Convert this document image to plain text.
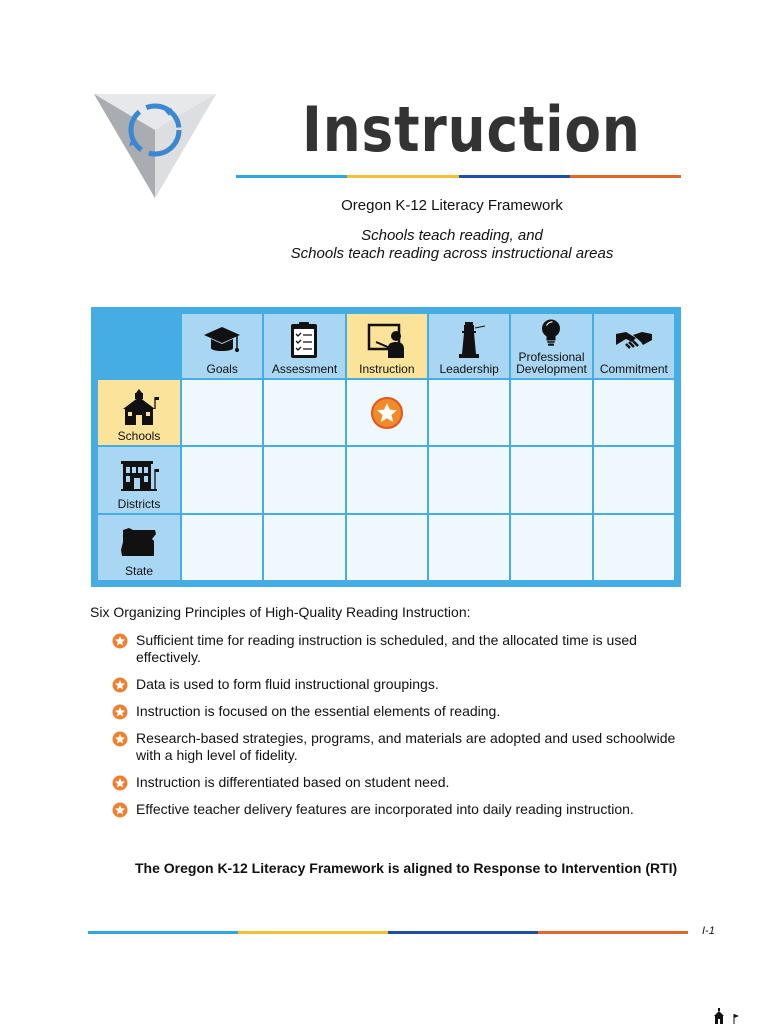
Instruction
Oregon K-12 Literacy Framework
Schools teach reading, and
Schools teach reading across instructional areas
Goals	Assessment Instruction Leadership
Professional
Development Commitment
Schools
Districts
State
Six Organizing Principles of High-Quality Reading Instruction:
Sufficient time for reading instruction is scheduled, and the allocated time is used effectively.
Data is used to form fluid instructional groupings.
Instruction is focused on the essential elements of reading.
Research-based strategies, programs, and materials are adopted and used schoolwide with a high level of fidelity.
Instruction is differentiated based on student need.
Effective teacher delivery features are incorporated into daily reading instruction.
The Oregon K-12 Literacy Framework is aligned to Response to Intervention (RTI)
I-1
